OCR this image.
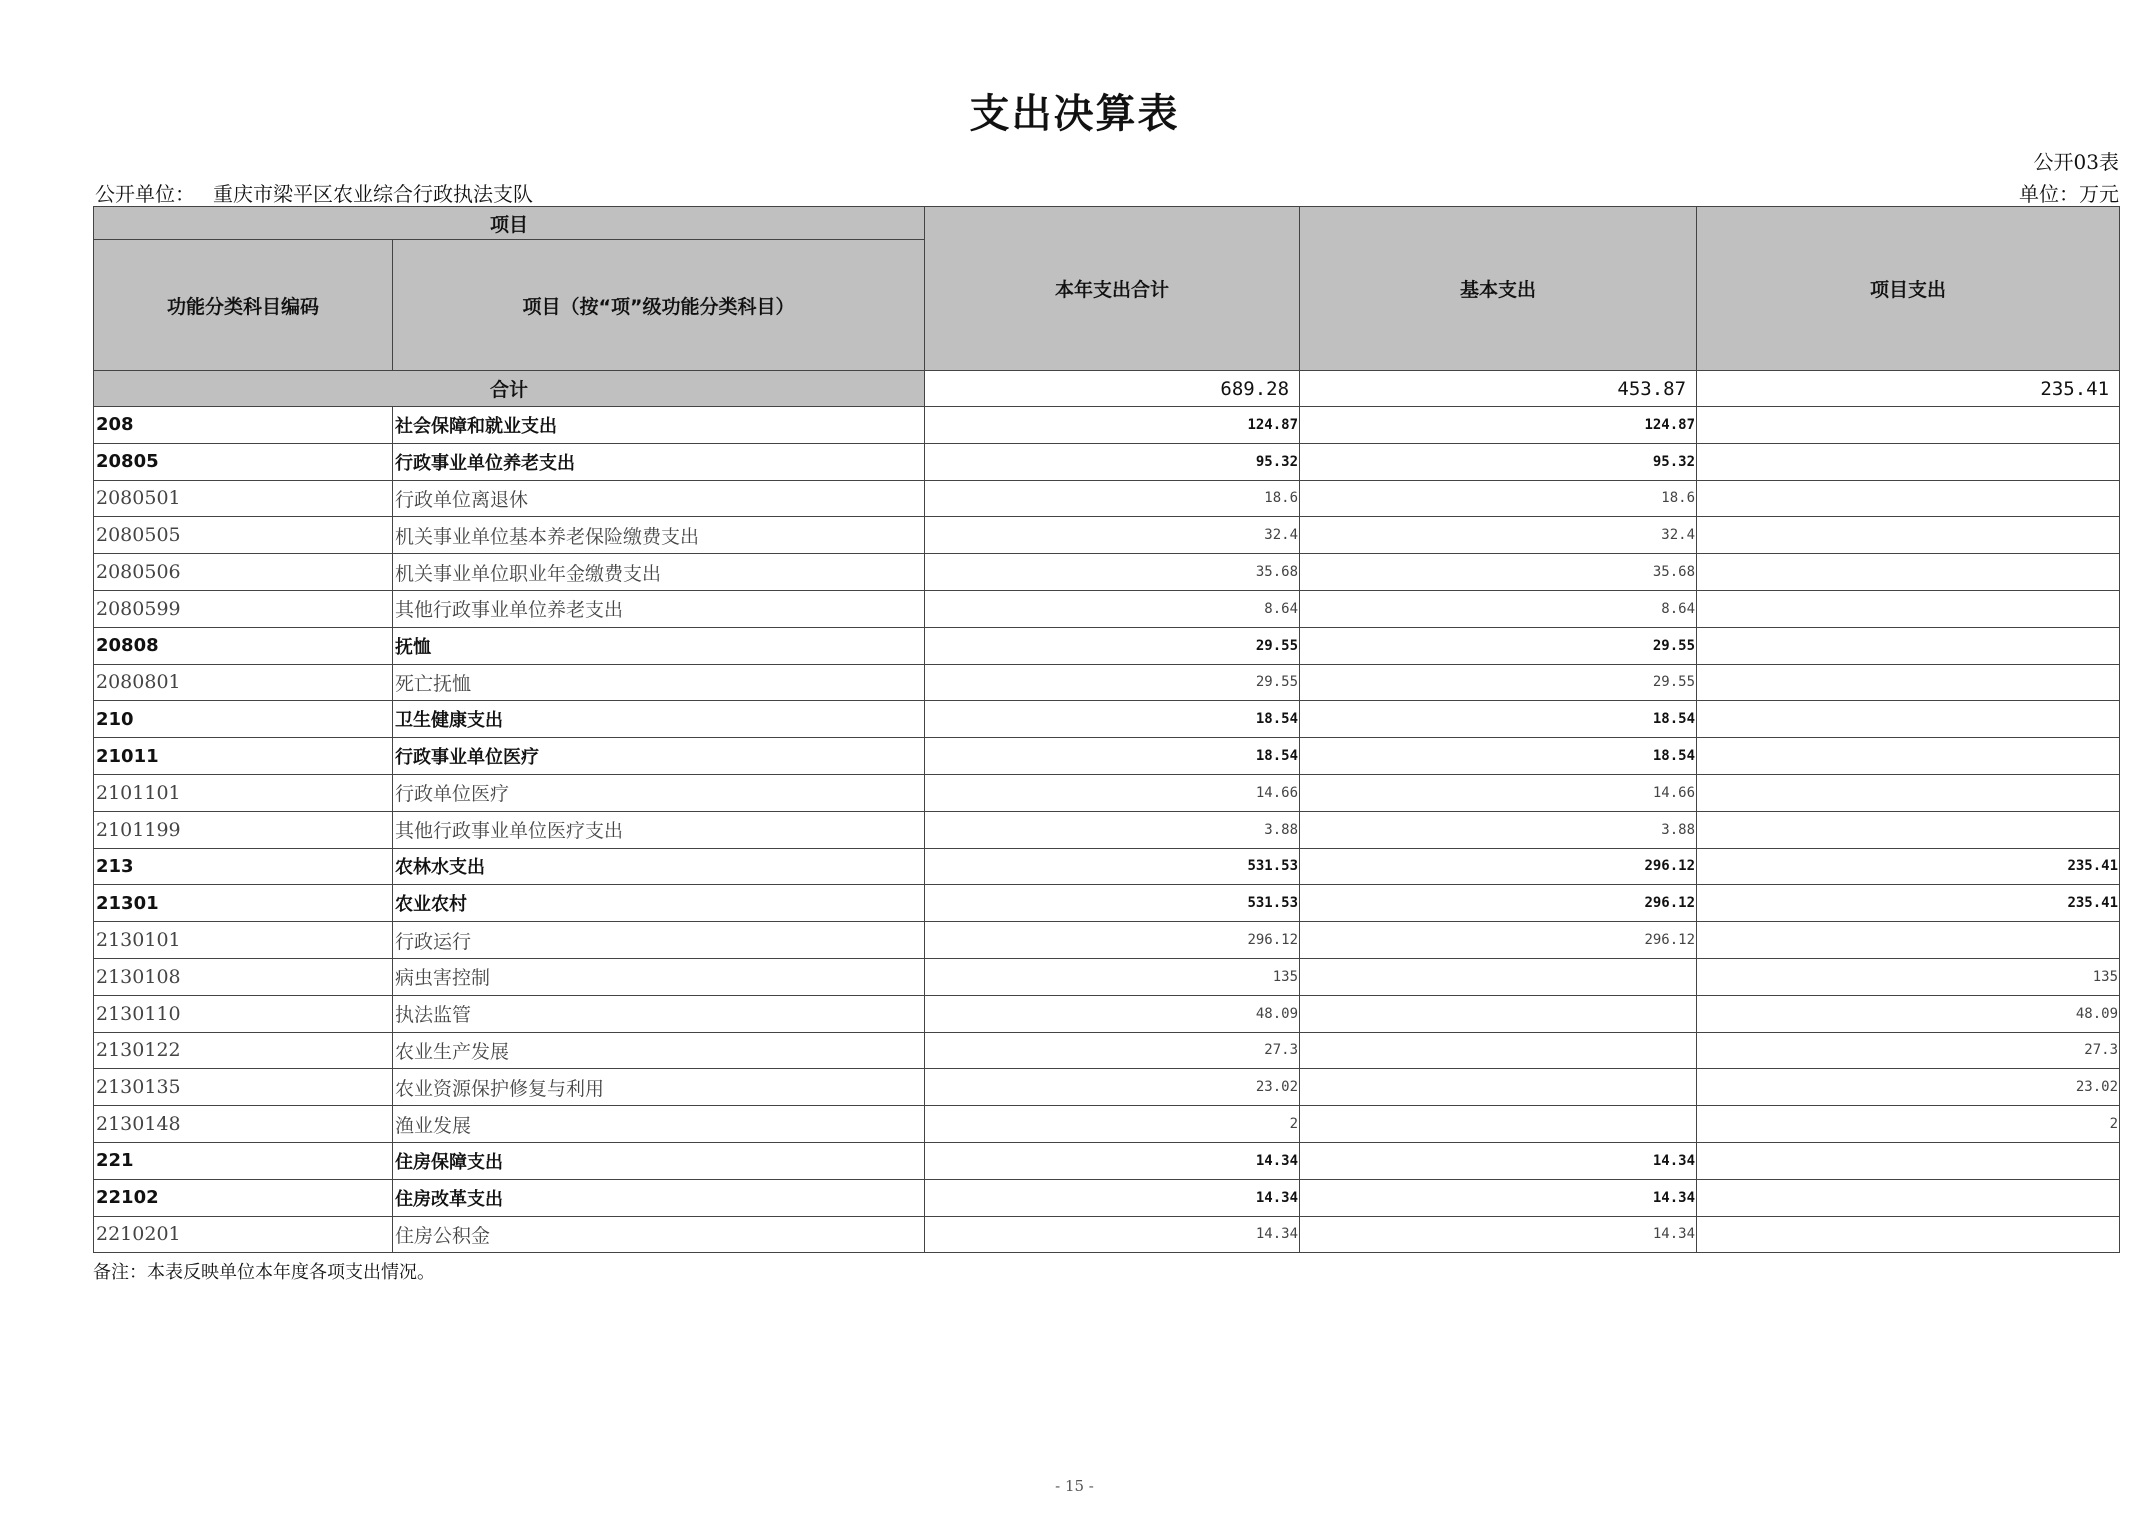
支出决算表
公开03表
公开单位： 重庆市梁平区农业综合行政执法支队	单位：万元
项目		本年支出合计	基本支出	项目支出
功能分类科目编码	项目（按“项”级功能分类科目）			
合计		689.28	453.87	235.41
208	社会保障和就业支出	124.87	124.87	
20805	行政事业单位养老支出	95.32	95.32	
2080501	行政单位离退休	18.6	18.6	
2080505	机关事业单位基本养老保险缴费支出	32.4	32.4	
2080506	机关事业单位职业年金缴费支出	35.68	35.68	
2080599	其他行政事业单位养老支出	8.64	8.64	
20808	抚恤	29.55	29.55	
2080801	死亡抚恤	29.55	29.55	
210	卫生健康支出	18.54	18.54	
21011	行政事业单位医疗	18.54	18.54	
2101101	行政单位医疗	14.66	14.66	
2101199	其他行政事业单位医疗支出	3.88	3.88	
213	农林水支出	531.53	296.12	235.41
21301	农业农村	531.53	296.12	235.41
2130101	行政运行	296.12	296.12	
2130108	病虫害控制	135		135
2130110	执法监管	48.09		48.09
2130122	农业生产发展	27.3		27.3
2130135	农业资源保护修复与利用	23.02		23.02
2130148	渔业发展	2		2
221	住房保障支出	14.34	14.34	
22102	住房改革支出	14.34	14.34	
2210201	住房公积金	14.34	14.34	
备注：本表反映单位本年度各项支出情况。
- 15 -
